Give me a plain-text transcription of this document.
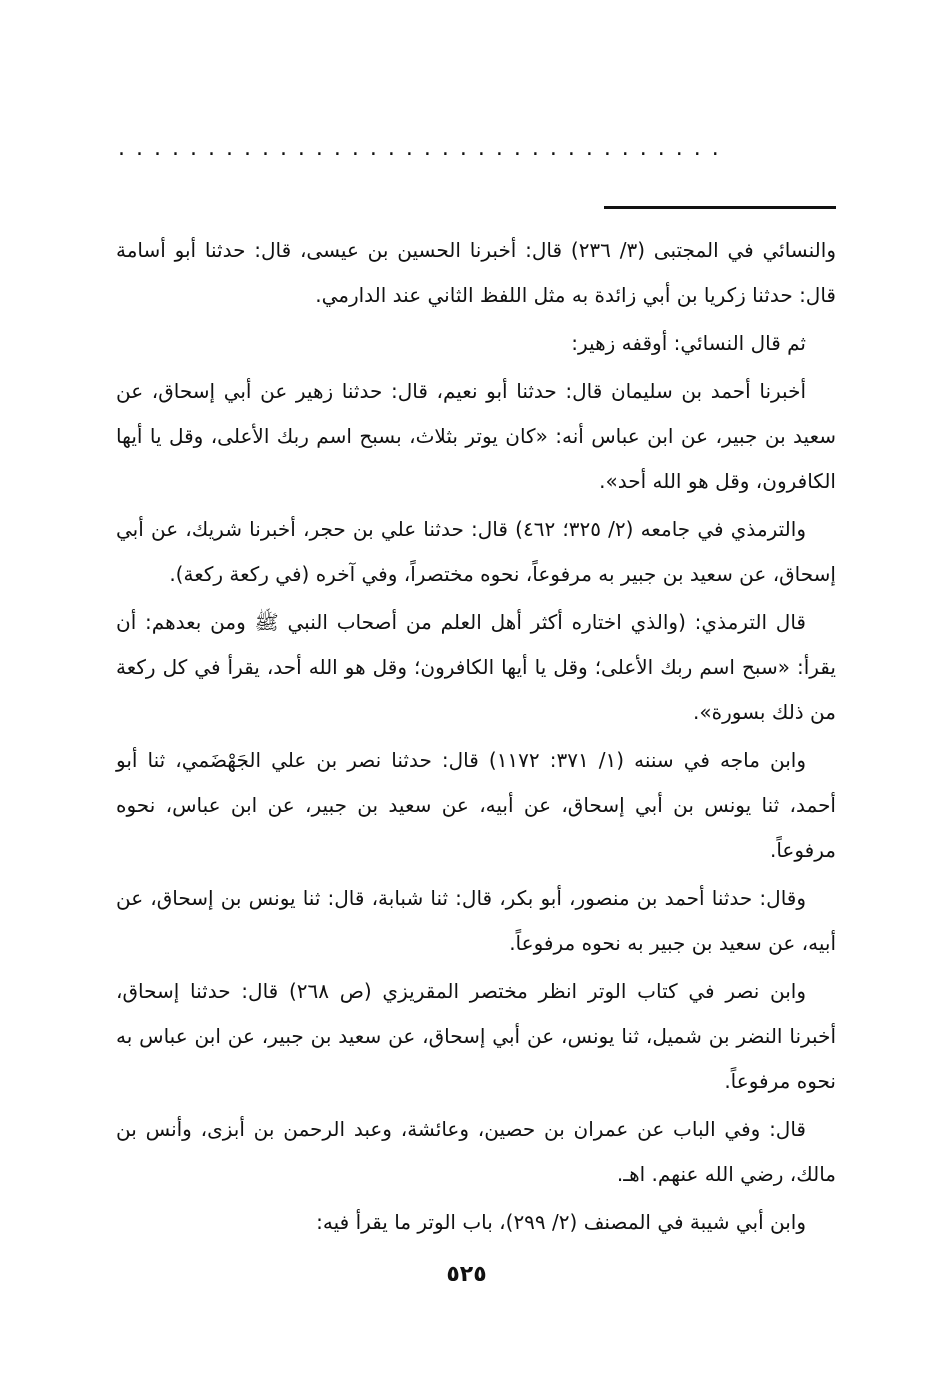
..................................

والنسائي في المجتبى (٣/ ٢٣٦) قال: أخبرنا الحسين بن عيسى، قال: حدثنا أبو أسامة قال: حدثنا زكريا بن أبي زائدة به مثل اللفظ الثاني عند الدارمي.

ثم قال النسائي: أوقفه زهير:

أخبرنا أحمد بن سليمان قال: حدثنا أبو نعيم، قال: حدثنا زهير عن أبي إسحاق، عن سعيد بن جبير، عن ابن عباس أنه: «كان يوتر بثلاث، بسبح اسم ربك الأعلى، وقل يا أيها الكافرون، وقل هو الله أحد».

والترمذي في جامعه (٢/ ٣٢٥؛ ٤٦٢) قال: حدثنا علي بن حجر، أخبرنا شريك، عن أبي إسحاق، عن سعيد بن جبير به مرفوعاً، نحوه مختصراً، وفي آخره (في ركعة ركعة).

قال الترمذي: (والذي اختاره أكثر أهل العلم من أصحاب النبي ﷺ ومن بعدهم: أن يقرأ: «سبح اسم ربك الأعلى؛ وقل يا أيها الكافرون؛ وقل هو الله أحد، يقرأ في كل ركعة من ذلك بسورة».

وابن ماجه في سننه (١/ ٣٧١: ١١٧٢) قال: حدثنا نصر بن علي الجَهْضَمي، ثنا أبو أحمد، ثنا يونس بن أبي إسحاق، عن أبيه، عن سعيد بن جبير، عن ابن عباس، نحوه مرفوعاً.

وقال: حدثنا أحمد بن منصور، أبو بكر، قال: ثنا شبابة، قال: ثنا يونس بن إسحاق، عن أبيه، عن سعيد بن جبير به نحوه مرفوعاً.

وابن نصر في كتاب الوتر انظر مختصر المقريزي (ص ٢٦٨) قال: حدثنا إسحاق، أخبرنا النضر بن شميل، ثنا يونس، عن أبي إسحاق، عن سعيد بن جبير، عن ابن عباس به نحوه مرفوعاً.

قال: وفي الباب عن عمران بن حصين، وعائشة، وعبد الرحمن بن أبزى، وأنس بن مالك، رضي الله عنهم. اهـ.

وابن أبي شيبة في المصنف (٢/ ٢٩٩)، باب الوتر ما يقرأ فيه:

٥٢٥
